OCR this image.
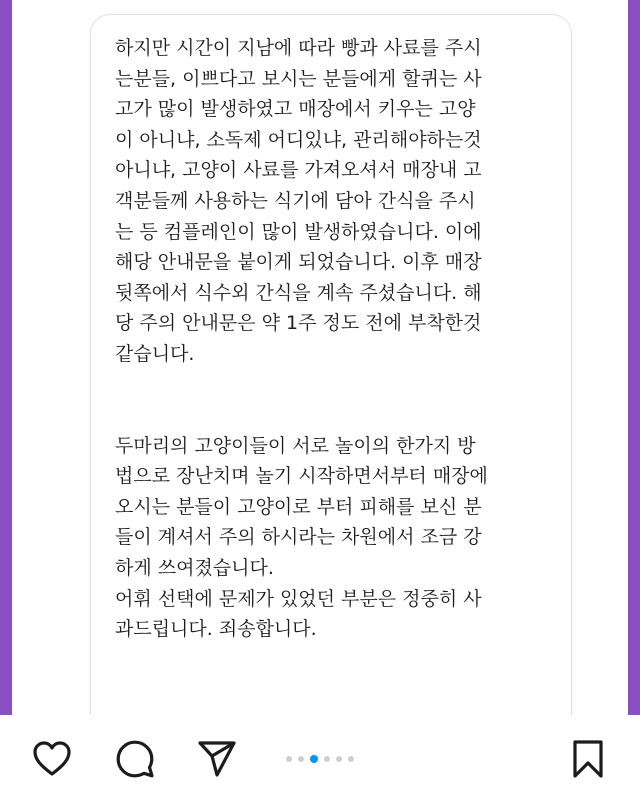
하지만 시간이 지남에 따라 빵과 사료를 주시
는분들, 이쁘다고 보시는 분들에게 할퀴는 사
고가 많이 발생하였고 매장에서 키우는 고양
이 아니냐, 소독제 어디있냐, 관리해야하는것
아니냐, 고양이 사료를 가져오셔서 매장내 고
객분들께 사용하는 식기에 담아 간식을 주시
는 등 컴플레인이 많이 발생하였습니다. 이에
해당 안내문을 붙이게 되었습니다. 이후 매장
뒷쪽에서 식수외 간식을 계속 주셨습니다. 해
당 주의 안내문은 약 1주 정도 전에 부착한것
같습니다.

두마리의 고양이들이 서로 놀이의 한가지 방
법으로 장난치며 놀기 시작하면서부터 매장에
오시는 분들이 고양이로 부터 피해를 보신 분
들이 계셔서 주의 하시라는 차원에서 조금 강
하게 쓰여졌습니다.
어휘 선택에 문제가 있었던 부분은 정중히 사
과드립니다. 죄송합니다.
